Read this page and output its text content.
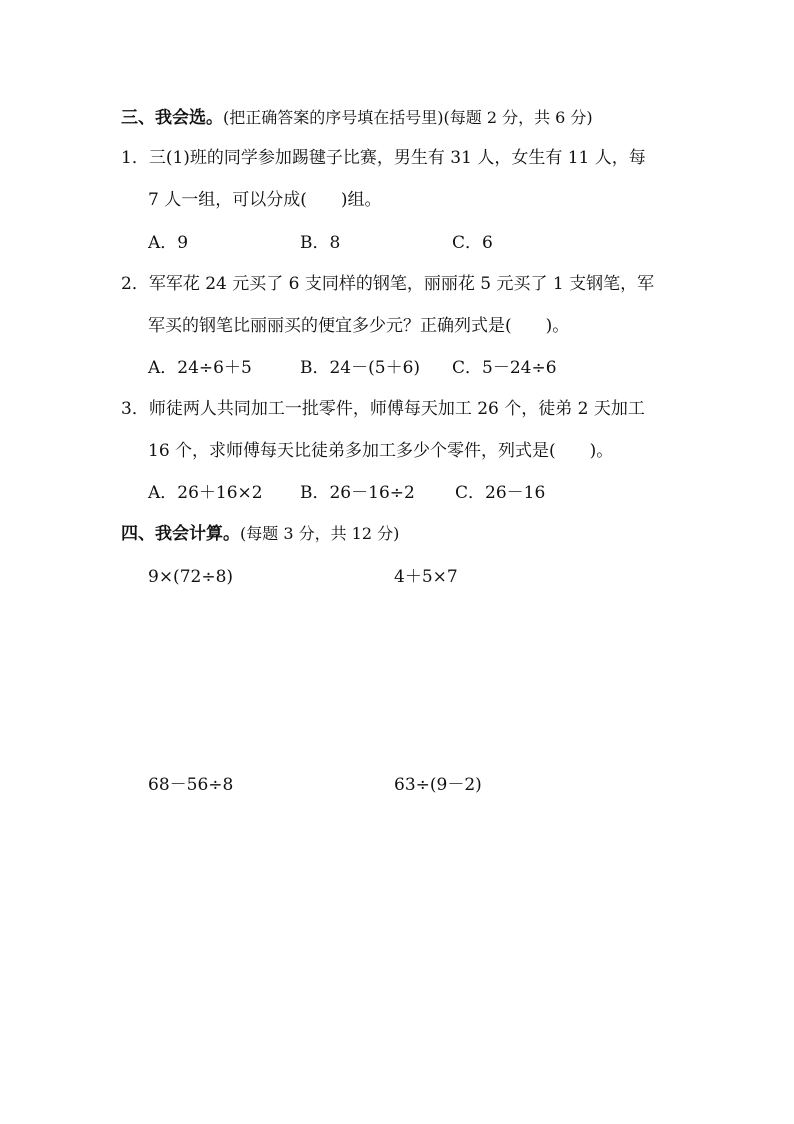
三、我会选。(把正确答案的序号填在括号里)(每题 2 分，共 6 分)
1．三(1)班的同学参加踢毽子比赛，男生有 31 人，女生有 11 人，每
7 人一组，可以分成(　　)组。
A．9	B．8	C．6
2．军军花 24 元买了 6 支同样的钢笔，丽丽花 5 元买了 1 支钢笔，军
军买的钢笔比丽丽买的便宜多少元？正确列式是(　　)。
A．24÷6＋5	B．24－(5＋6) C．5－24÷6
3．师徒两人共同加工一批零件，师傅每天加工 26 个，徒弟 2 天加工
16 个，求师傅每天比徒弟多加工多少个零件，列式是(　　)。
A．26＋16×2 B．26－16÷2 C．26－16
四、我会计算。(每题 3 分，共 12 分)
9×(72÷8)	4＋5×7
68－56÷8	63÷(9－2)
